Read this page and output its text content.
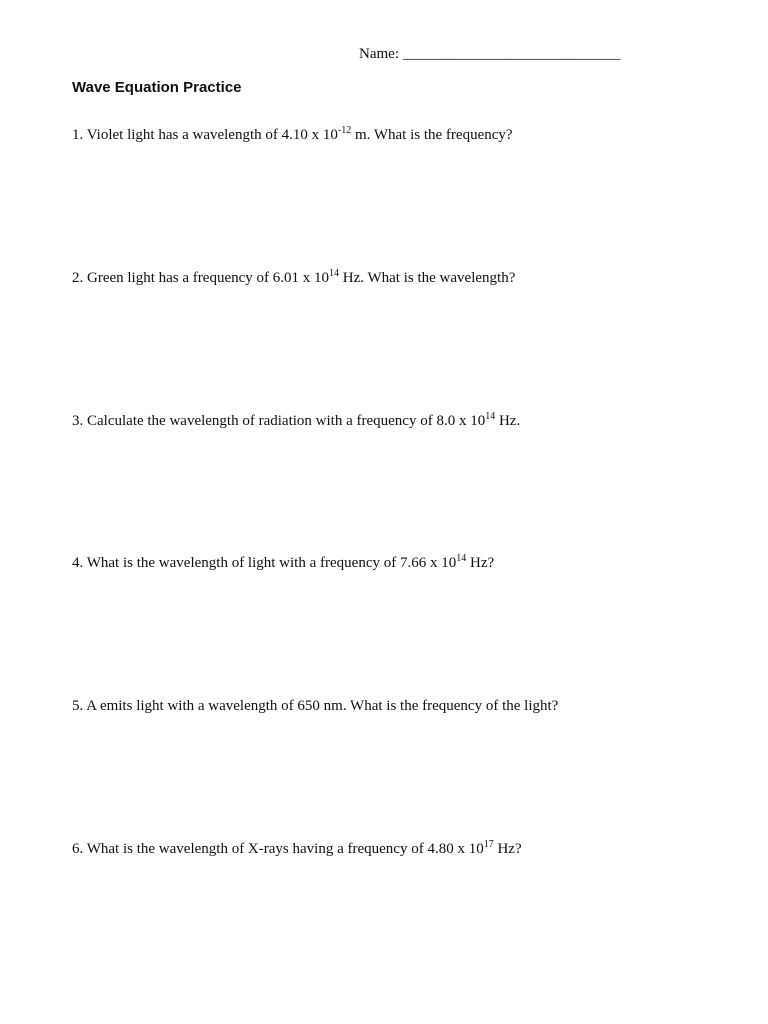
Name: _____________________________
Wave Equation Practice
1. Violet light has a wavelength of 4.10 x $10^{-12}$ m. What is the frequency?
2. Green light has a frequency of 6.01 x $10^{14}$ Hz. What is the wavelength?
3. Calculate the wavelength of radiation with a frequency of 8.0 x $10^{14}$ Hz.
4. What is the wavelength of light with a frequency of 7.66 x $10^{14}$ Hz?
5. A emits light with a wavelength of 650 nm. What is the frequency of the light?
6. What is the wavelength of X-rays having a frequency of 4.80 x $10^{17}$ Hz?
